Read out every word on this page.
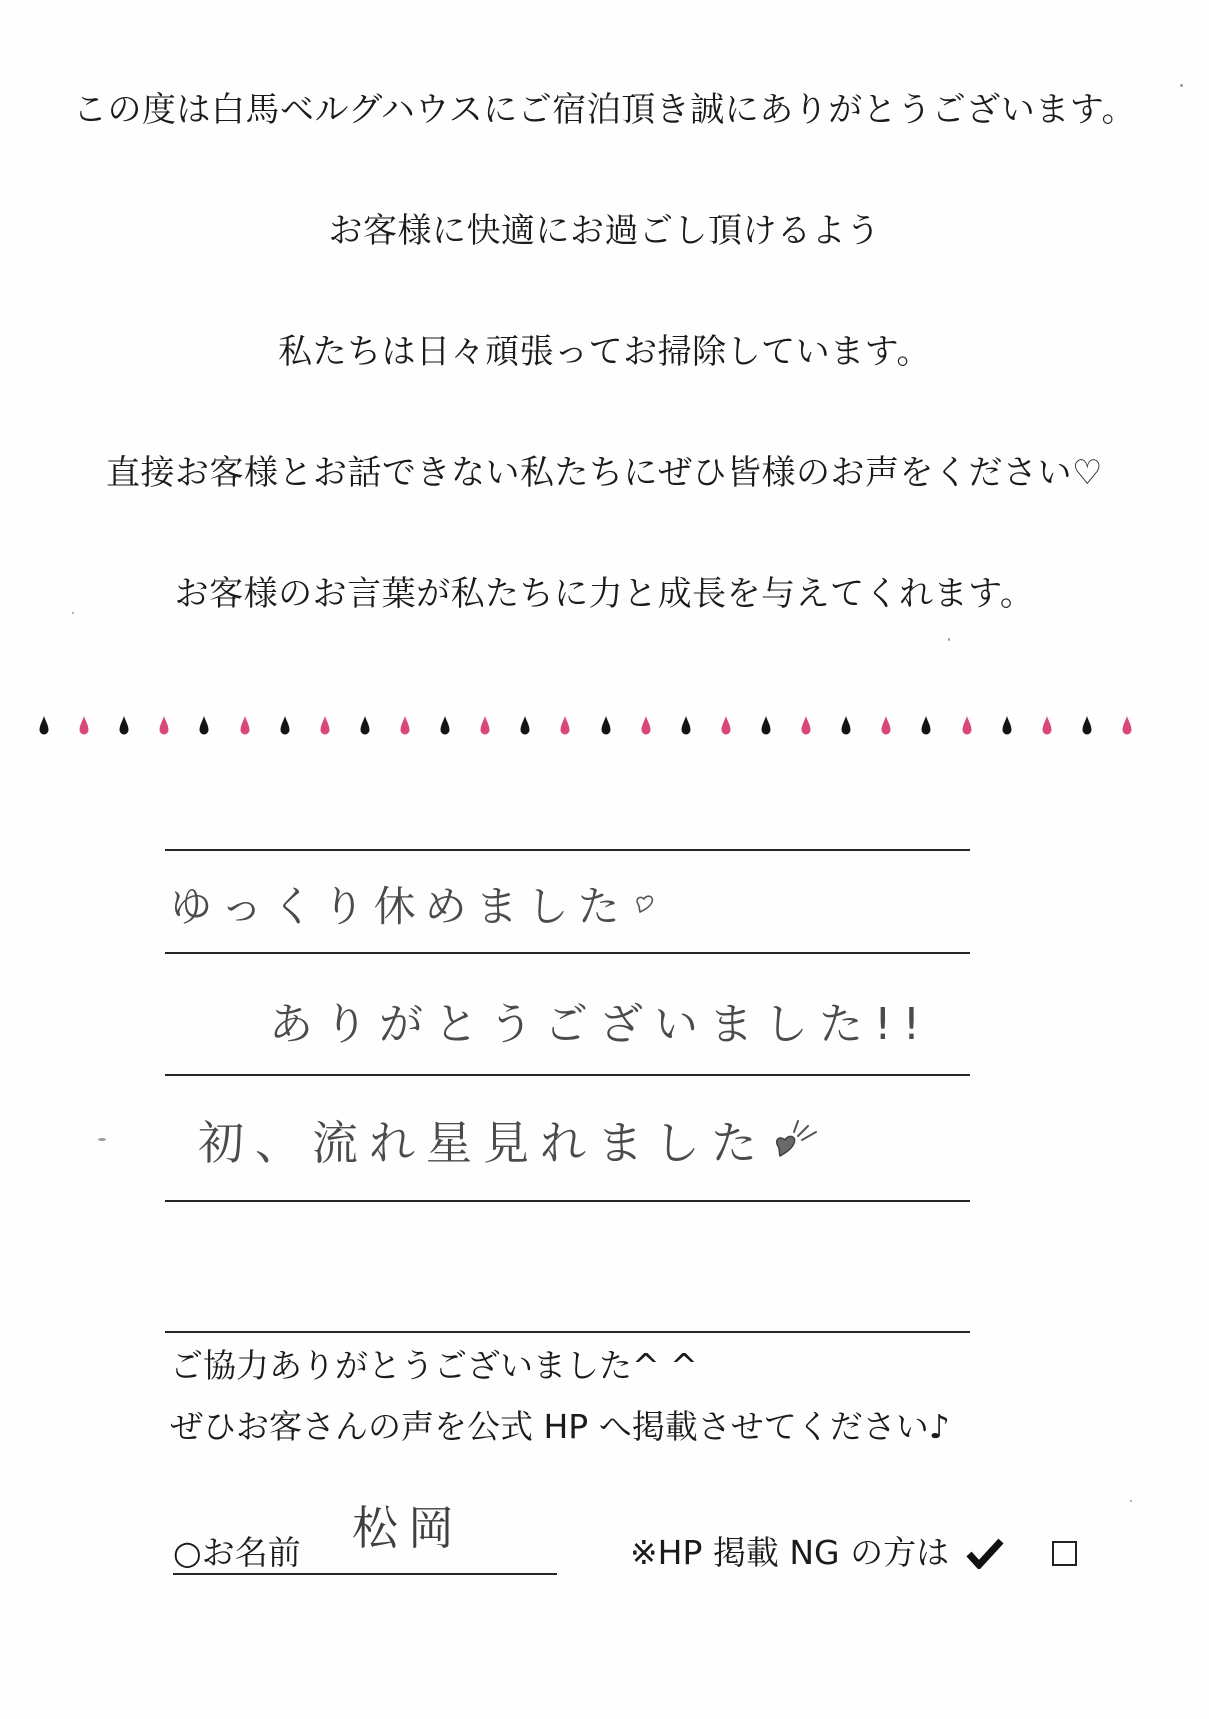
この度は白馬ベルグハウスにご宿泊頂き誠にありがとうございます。
お客様に快適にお過ごし頂けるよう
私たちは日々頑張ってお掃除しています。
直接お客様とお話できない私たちにぜひ皆様のお声をください♡
お客様のお言葉が私たちに力と成長を与えてくれます。
ゆっくり休めました
ありがとうございました!!
初、流れ星見れました
ご協力ありがとうございました^ ^
ぜひお客さんの声を公式 HP へ掲載させてください♪
○お名前 松岡	※HP 掲載 NG の方は
